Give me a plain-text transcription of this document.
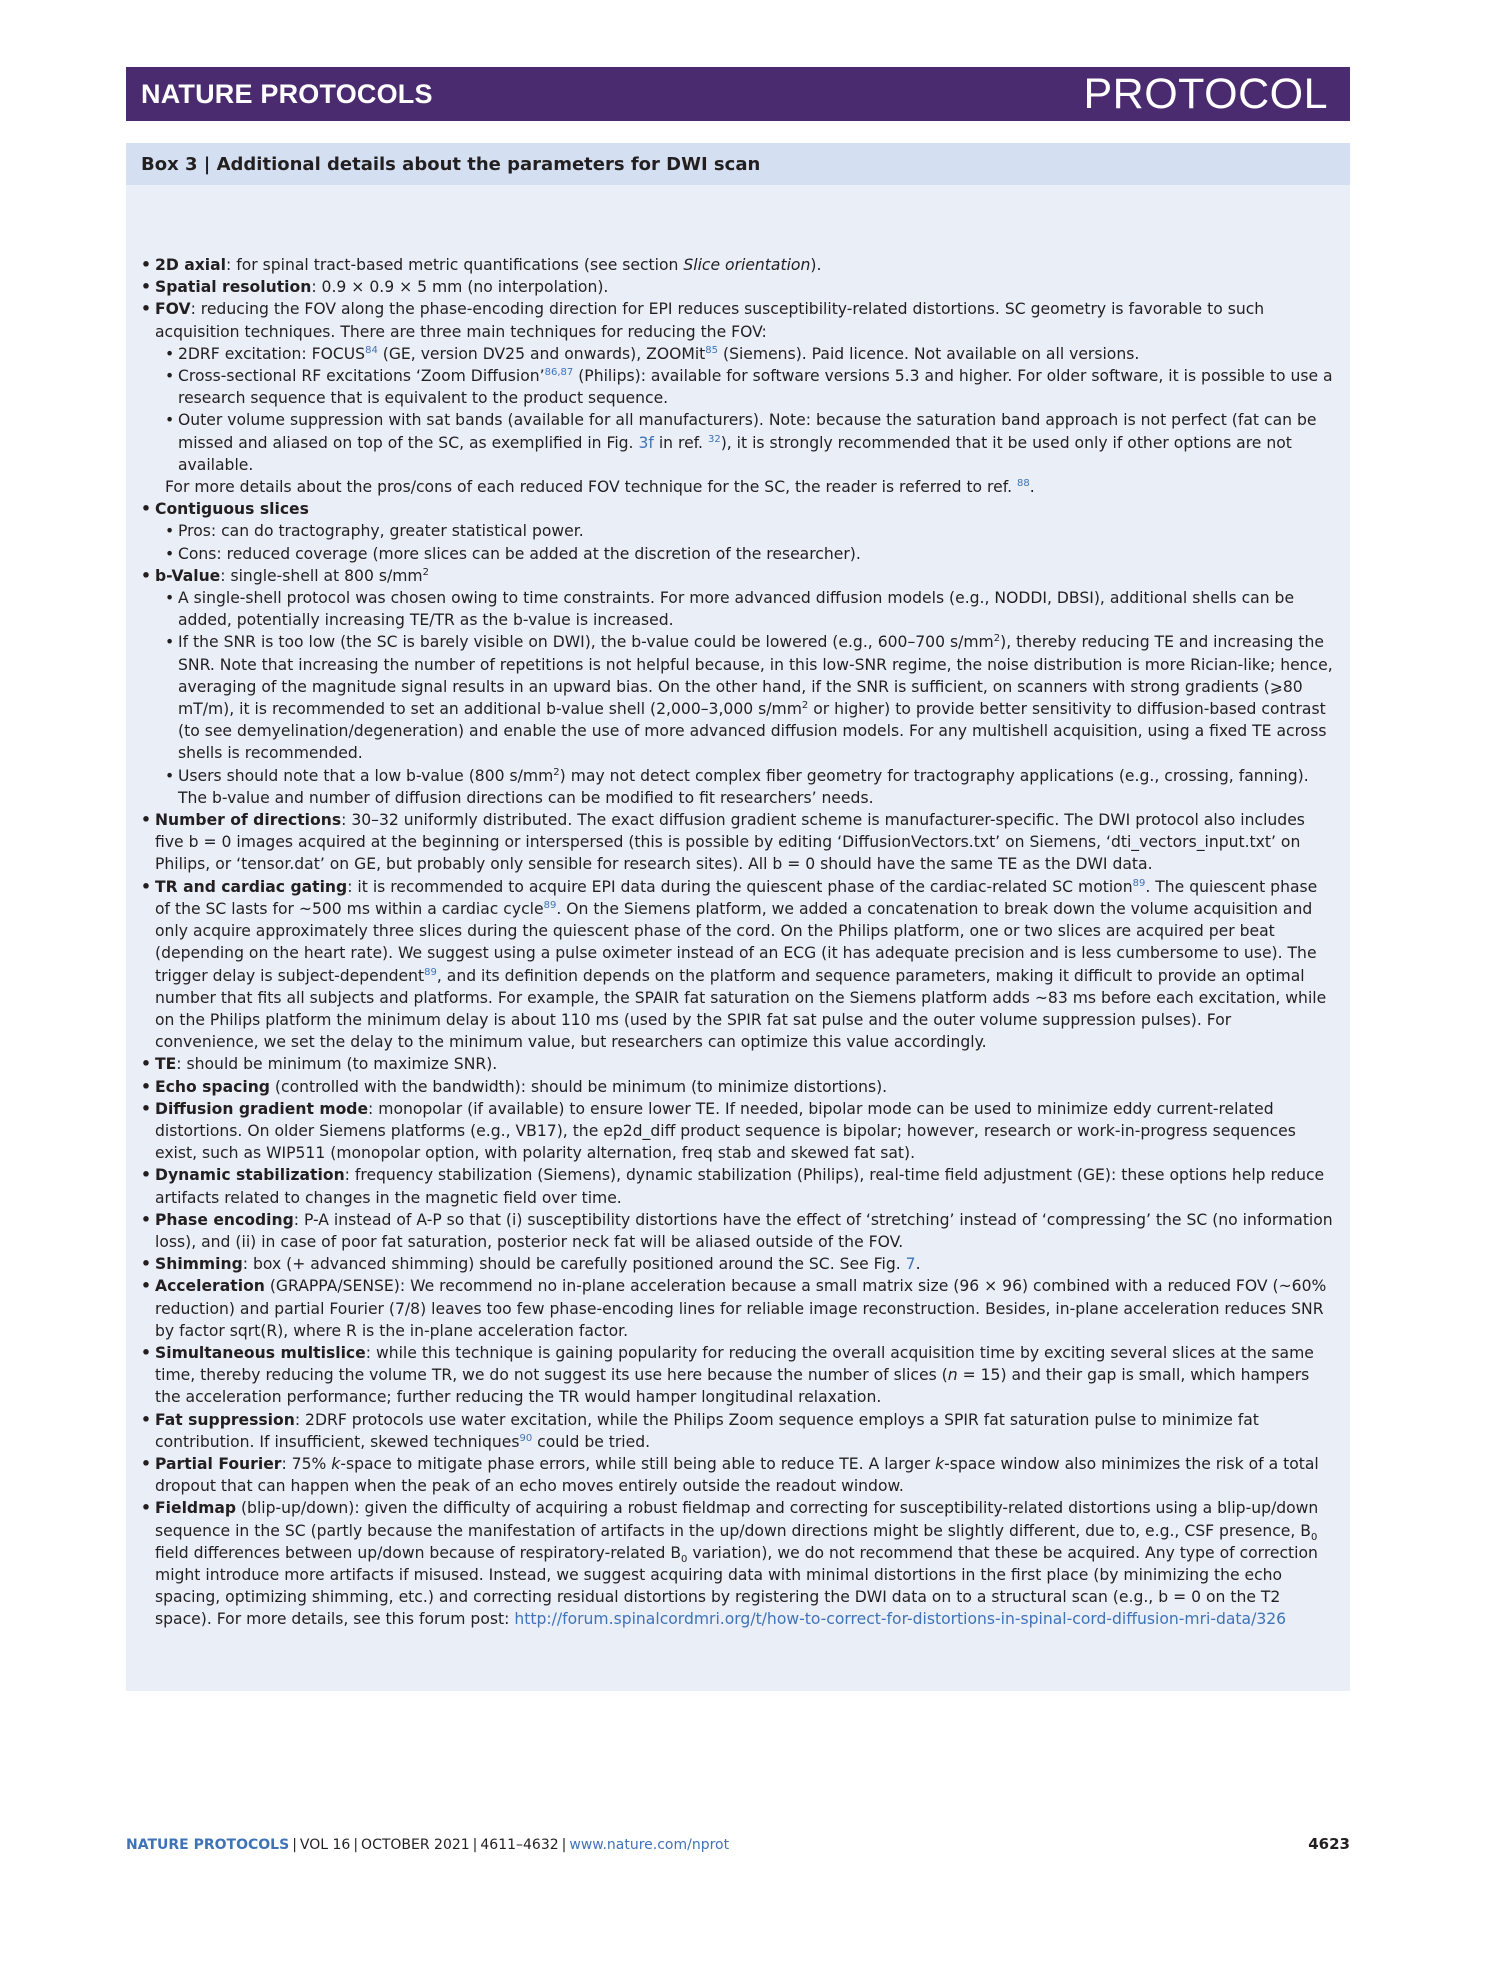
NATURE PROTOCOLS	PROTOCOL
Box 3 | Additional details about the parameters for DWI scan
• 2D axial: for spinal tract-based metric quantifications (see section Slice orientation).
• Spatial resolution: 0.9 × 0.9 × 5 mm (no interpolation).
• FOV: reducing the FOV along the phase-encoding direction for EPI reduces susceptibility-related distortions. SC geometry is favorable to such acquisition techniques. There are three main techniques for reducing the FOV:
• 2DRF excitation: FOCUS$^{84}$ (GE, version DV25 and onwards), ZOOMit$^{85}$ (Siemens). Paid licence. Not available on all versions.
• Cross-sectional RF excitations ‘Zoom Diffusion’$^{86,87}$ (Philips): available for software versions 5.3 and higher. For older software, it is possible to use a research sequence that is equivalent to the product sequence.
• Outer volume suppression with sat bands (available for all manufacturers). Note: because the saturation band approach is not perfect (fat can be missed and aliased on top of the SC, as exemplified in Fig. 3f in ref. $^{32}$), it is strongly recommended that it be used only if other options are not available.
For more details about the pros/cons of each reduced FOV technique for the SC, the reader is referred to ref. $^{88}$.
• Contiguous slices
• Pros: can do tractography, greater statistical power.
• Cons: reduced coverage (more slices can be added at the discretion of the researcher).
• b-Value: single-shell at 800 $s/mm^2$
• A single-shell protocol was chosen owing to time constraints. For more advanced diffusion models (e.g., NODDI, DBSI), additional shells can be added, potentially increasing TE/TR as the b-value is increased.
• If the SNR is too low (the SC is barely visible on DWI), the b-value could be lowered (e.g., 600–700 $s/mm^2$), thereby reducing TE and increasing the SNR. Note that increasing the number of repetitions is not helpful because, in this low-SNR regime, the noise distribution is more Rician-like; hence, averaging of the magnitude signal results in an upward bias. On the other hand, if the SNR is sufficient, on scanners with strong gradients (⩾80 mT/m), it is recommended to set an additional b-value shell (2,000–3,000 $s/mm^2$ or higher) to provide better sensitivity to diffusion-based contrast (to see demyelination/degeneration) and enable the use of more advanced diffusion models. For any multishell acquisition, using a fixed TE across shells is recommended.
• Users should note that a low b-value (800 $s/mm^2$) may not detect complex fiber geometry for tractography applications (e.g., crossing, fanning). The b-value and number of diffusion directions can be modified to fit researchers’ needs.
• Number of directions: 30–32 uniformly distributed. The exact diffusion gradient scheme is manufacturer-specific. The DWI protocol also includes five b = 0 images acquired at the beginning or interspersed (this is possible by editing ‘DiffusionVectors.txt’ on Siemens, ‘dti_vectors_input.txt’ on Philips, or ‘tensor.dat’ on GE, but probably only sensible for research sites). All b = 0 should have the same TE as the DWI data.
• TR and cardiac gating: it is recommended to acquire EPI data during the quiescent phase of the cardiac-related SC motion$^{89}$. The quiescent phase of the SC lasts for ~500 ms within a cardiac cycle$^{89}$. On the Siemens platform, we added a concatenation to break down the volume acquisition and only acquire approximately three slices during the quiescent phase of the cord. On the Philips platform, one or two slices are acquired per beat (depending on the heart rate). We suggest using a pulse oximeter instead of an ECG (it has adequate precision and is less cumbersome to use). The trigger delay is subject-dependent$^{89}$, and its definition depends on the platform and sequence parameters, making it difficult to provide an optimal number that fits all subjects and platforms. For example, the SPAIR fat saturation on the Siemens platform adds ~83 ms before each excitation, while on the Philips platform the minimum delay is about 110 ms (used by the SPIR fat sat pulse and the outer volume suppression pulses). For convenience, we set the delay to the minimum value, but researchers can optimize this value accordingly.
• TE: should be minimum (to maximize SNR).
• Echo spacing (controlled with the bandwidth): should be minimum (to minimize distortions).
• Diffusion gradient mode: monopolar (if available) to ensure lower TE. If needed, bipolar mode can be used to minimize eddy current-related distortions. On older Siemens platforms (e.g., VB17), the ep2d_diff product sequence is bipolar; however, research or work-in-progress sequences exist, such as WIP511 (monopolar option, with polarity alternation, freq stab and skewed fat sat).
• Dynamic stabilization: frequency stabilization (Siemens), dynamic stabilization (Philips), real-time field adjustment (GE): these options help reduce artifacts related to changes in the magnetic field over time.
• Phase encoding: P-A instead of A-P so that (i) susceptibility distortions have the effect of ‘stretching’ instead of ‘compressing’ the SC (no information loss), and (ii) in case of poor fat saturation, posterior neck fat will be aliased outside of the FOV.
• Shimming: box (+ advanced shimming) should be carefully positioned around the SC. See Fig. 7.
• Acceleration (GRAPPA/SENSE): We recommend no in-plane acceleration because a small matrix size (96 × 96) combined with a reduced FOV (~60% reduction) and partial Fourier (7/8) leaves too few phase-encoding lines for reliable image reconstruction. Besides, in-plane acceleration reduces SNR by factor sqrt(R), where R is the in-plane acceleration factor.
• Simultaneous multislice: while this technique is gaining popularity for reducing the overall acquisition time by exciting several slices at the same time, thereby reducing the volume TR, we do not suggest its use here because the number of slices (n = 15) and their gap is small, which hampers the acceleration performance; further reducing the TR would hamper longitudinal relaxation.
• Fat suppression: 2DRF protocols use water excitation, while the Philips Zoom sequence employs a SPIR fat saturation pulse to minimize fat contribution. If insufficient, skewed techniques$^{90}$ could be tried.
• Partial Fourier: 75% k-space to mitigate phase errors, while still being able to reduce TE. A larger k-space window also minimizes the risk of a total dropout that can happen when the peak of an echo moves entirely outside the readout window.
• Fieldmap (blip-up/down): given the difficulty of acquiring a robust fieldmap and correcting for susceptibility-related distortions using a blip-up/down sequence in the SC (partly because the manifestation of artifacts in the up/down directions might be slightly different, due to, e.g., CSF presence, $B_0$ field differences between up/down because of respiratory-related $B_0$ variation), we do not recommend that these be acquired. Any type of correction might introduce more artifacts if misused. Instead, we suggest acquiring data with minimal distortions in the first place (by minimizing the echo spacing, optimizing shimming, etc.) and correcting residual distortions by registering the DWI data on to a structural scan (e.g., b = 0 on the T2 space). For more details, see this forum post: http://forum.spinalcordmri.org/t/how-to-correct-for-distortions-in-spinal-cord-diffusion-mri-data/326
NATURE PROTOCOLS | VOL 16 | OCTOBER 2021 | 4611–4632 | www.nature.com/nprot	4623
